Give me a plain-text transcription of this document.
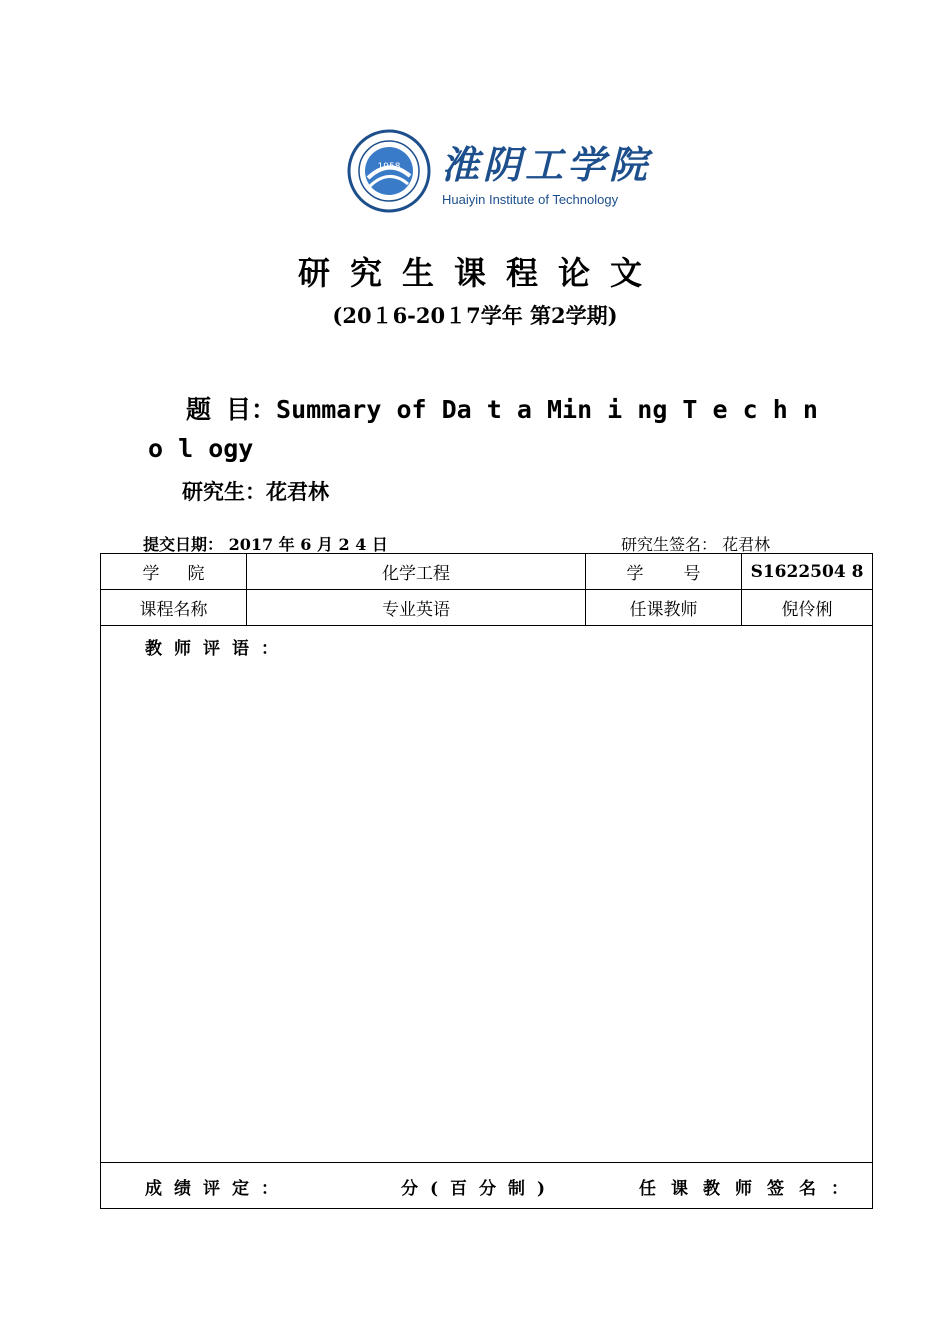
1958 淮阴工学院
Huaiyin Institute of Technology
研究生课程论文
(20１6-20１7学年 第2学期)
题 目：Summary of Da t a Min i ng T e c h n
o l ogy
研究生：花君林
提交日期： 2017 年 6 月 2 4 日	研究生签名： 花君林
学院	化学工程	学号	S1622504 8
课程名称	专业英语	任课教师	倪伶俐
教师评语：
成绩评定：	分(百分制)	任课教师签名：
